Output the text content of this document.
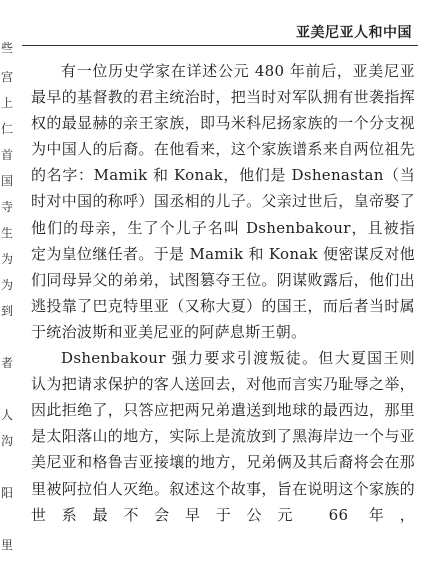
些
宫
上
仁
首
国
寺
生
为
为
到
者
人
沟
阳
里
亚美尼亚人和中国

有一位历史学家在详述公元 480 年前后，亚美尼亚最早的基督教的君主统治时，把当时对军队拥有世袭指挥权的最显赫的亲王家族，即马米科尼扬家族的一个分支视为中国人的后裔。在他看来，这个家族谱系来自两位祖先的名字：Mamik 和 Konak，他们是 Dshenastan（当时对中国的称呼）国丞相的儿子。父亲过世后，皇帝娶了他们的母亲，生了个儿子名叫 Dshenbakour，且被指定为皇位继任者。于是 Mamik 和 Konak 便密谋反对他们同母异父的弟弟，试图篡夺王位。阴谋败露后，他们出逃投靠了巴克特里亚（又称大夏）的国王，而后者当时属于统治波斯和亚美尼亚的阿萨息斯王朝。

Dshenbakour 强力要求引渡叛徒。但大夏国王则认为把请求保护的客人送回去，对他而言实乃耻辱之举，因此拒绝了，只答应把两兄弟遣送到地球的最西边，那里是太阳落山的地方，实际上是流放到了黑海岸边一个与亚美尼亚和格鲁吉亚接壤的地方，兄弟俩及其后裔将会在那里被阿拉伯人灭绝。叙述这个故事，旨在说明这个家族的世系最不会早于公元 66 年，
